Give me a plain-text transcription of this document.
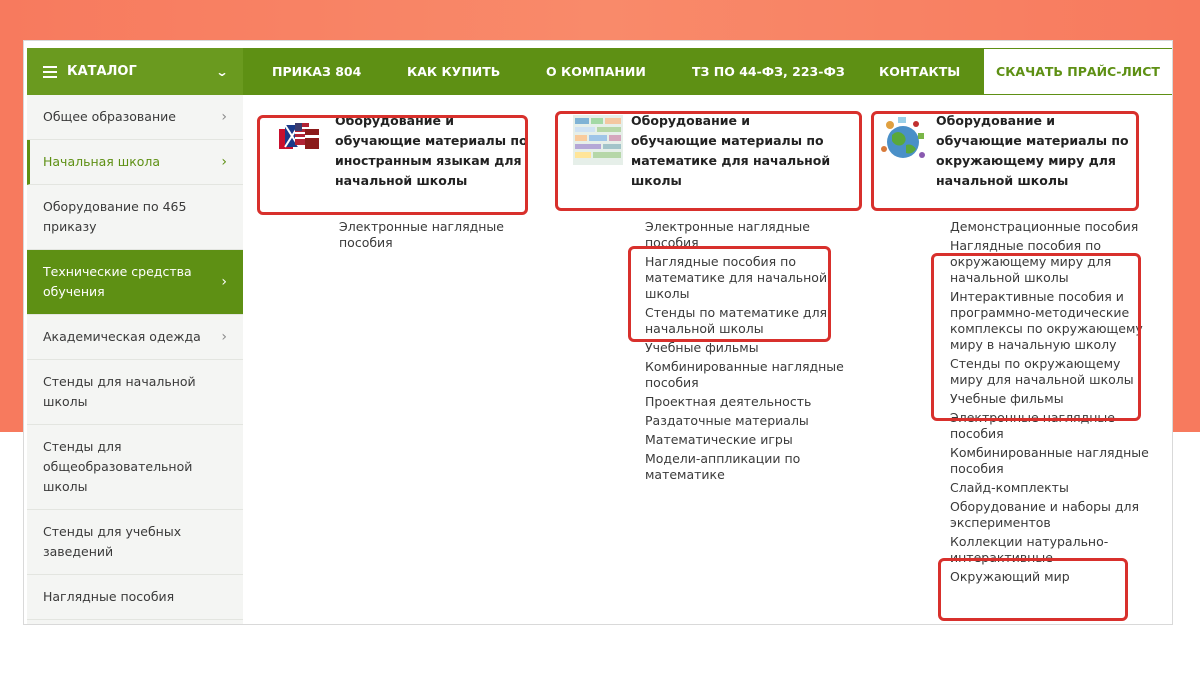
КАТАЛОГ	⌄	ПРИКАЗ 804	КАК КУПИТЬ	О КОМПАНИИ	ТЗ ПО 44-ФЗ, 223-ФЗ	КОНТАКТЫ	СКАЧАТЬ ПРАЙС-ЛИСТ
Общее образование	›
Начальная школа	›
Оборудование по 465 приказу
Технические средства обучения
›
Академическая одежда	›
Стенды для начальной школы
Стенды для общеобразовательной школы
Стенды для учебных заведений
Наглядные пособия
Оборудование и обучающие материалы по иностранным языкам для начальной школы
Электронные наглядные пособия
Оборудование и обучающие материалы по математике для начальной школы
Электронные наглядные пособия
Наглядные пособия по математике для начальной школы
Стенды по математике для начальной школы
Учебные фильмы
Комбинированные наглядные пособия
Проектная деятельность
Раздаточные материалы
Математические игры
Модели-аппликации по математике
Оборудование и обучающие материалы по окружающему миру для начальной школы
Демонстрационные пособия
Наглядные пособия по окружающему миру для начальной школы
Интерактивные пособия и программно-методические комплексы по окружающему миру в начальную школу
Стенды по окружающему миру для начальной школы
Учебные фильмы
Электронные наглядные пособия
Комбинированные наглядные пособия
Слайд-комплекты
Оборудование и наборы для экспериментов
Коллекции натурально-интерактивные
Окружающий мир
